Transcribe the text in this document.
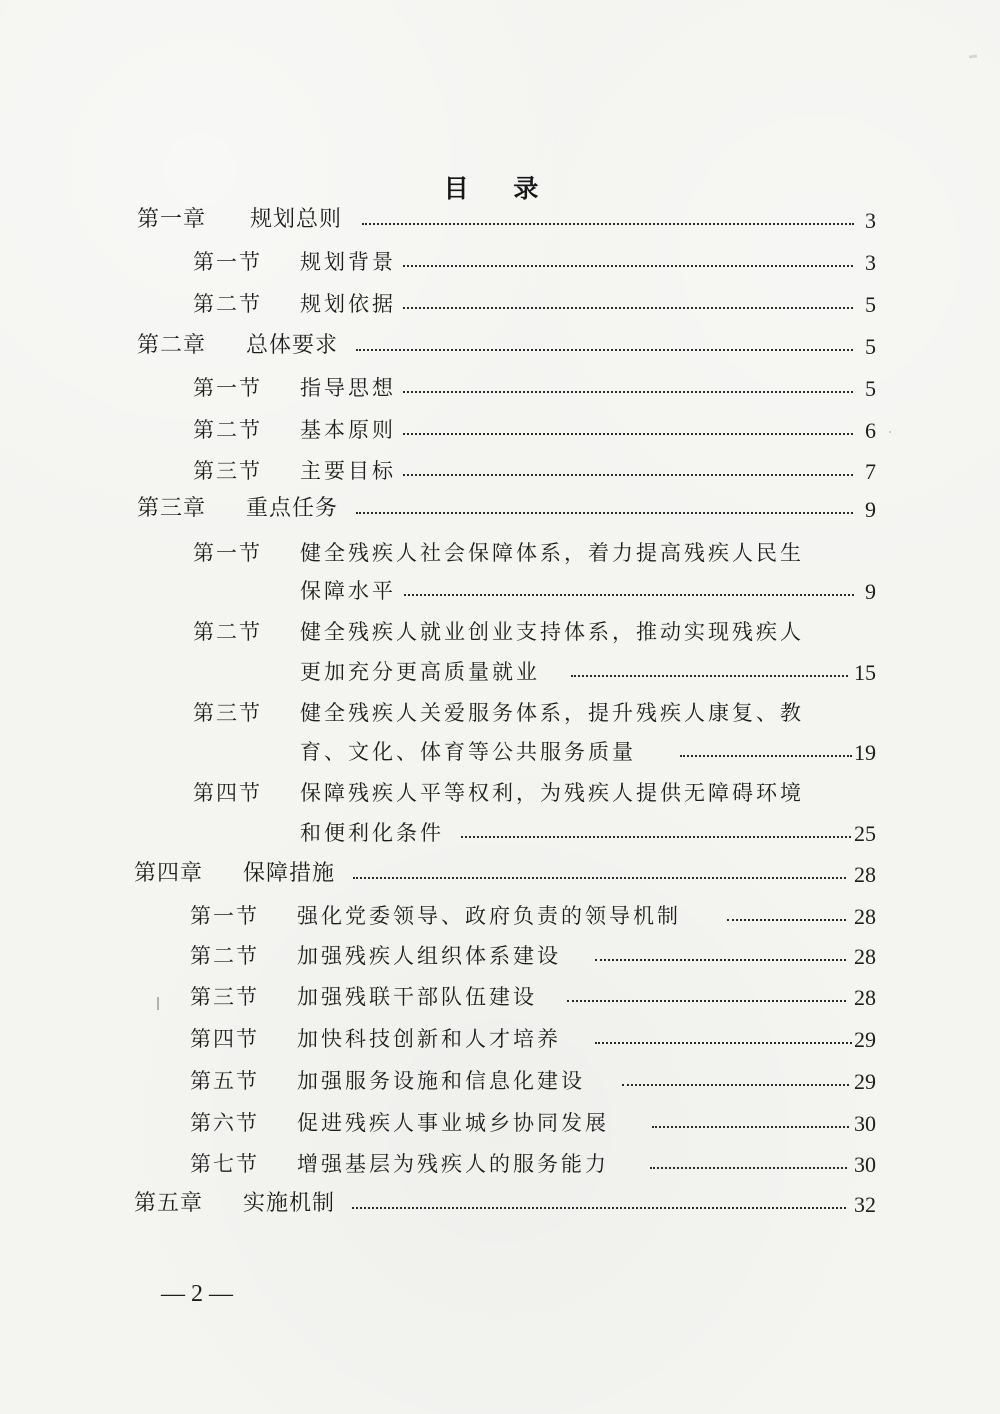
目 录
第一章 规划总则	3
第一节 规划背景	3
第二节 规划依据	5
第二章 总体要求	5
第一节 指导思想	5
第二节 基本原则	6
第三节 主要目标	7
第三章 重点任务	9
第一节 健全残疾人社会保障体系，着力提高残疾人民生
保障水平	9
第二节 健全残疾人就业创业支持体系，推动实现残疾人
更加充分更高质量就业	15
第三节 健全残疾人关爱服务体系，提升残疾人康复、教
育、文化、体育等公共服务质量	19
第四节 保障残疾人平等权利，为残疾人提供无障碍环境
和便利化条件	25
第四章 保障措施	28
第一节 强化党委领导、政府负责的领导机制	28
第二节 加强残疾人组织体系建设	28
第三节 加强残联干部队伍建设	28
第四节 加快科技创新和人才培养	29
第五节 加强服务设施和信息化建设	29
第六节 促进残疾人事业城乡协同发展	30
第七节 增强基层为残疾人的服务能力	30
第五章 实施机制	32
— 2 —
